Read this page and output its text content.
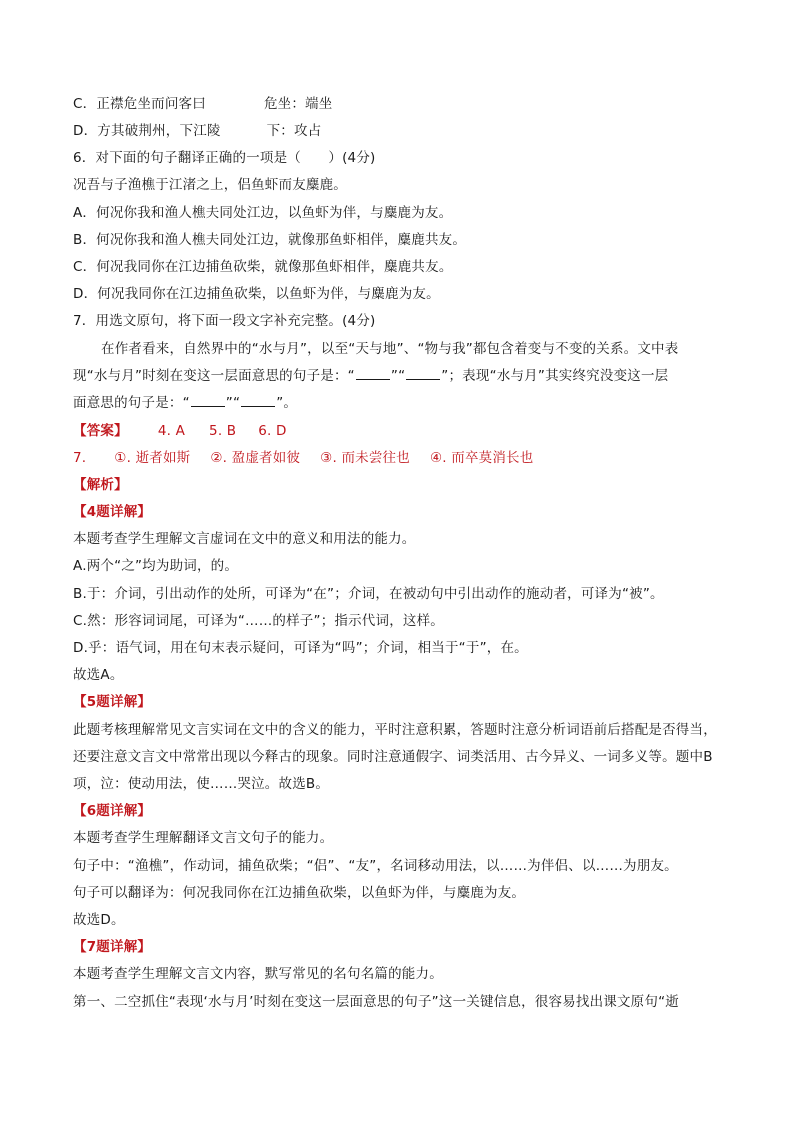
C．正襟危坐而问客曰	危坐：端坐
D．方其破荆州，下江陵	下：攻占
6．对下面的句子翻译正确的一项是（　　）(4分)
况吾与子渔樵于江渚之上，侣鱼虾而友麋鹿。
A．何况你我和渔人樵夫同处江边，以鱼虾为伴，与麋鹿为友。
B．何况你我和渔人樵夫同处江边，就像那鱼虾相伴，麋鹿共友。
C．何况我同你在江边捕鱼砍柴，就像那鱼虾相伴，麋鹿共友。
D．何况我同你在江边捕鱼砍柴，以鱼虾为伴，与麋鹿为友。
7．用选文原句，将下面一段文字补充完整。(4分)
在作者看来，自然界中的“水与月”，以至“天与地”、“物与我”都包含着变与不变的关系。文中表
现“水与月”时刻在变这一层面意思的句子是：“	”“	”；表现“水与月”其实终究没变这一层
面意思的句子是：“	”“	”。
【答案】 4. A 5. B 6. D
7. ①. 逝者如斯 ②. 盈虚者如彼 ③. 而未尝往也 ④. 而卒莫消长也
【解析】
【4题详解】
本题考查学生理解文言虚词在文中的意义和用法的能力。
A.两个“之”均为助词，的。
B.于：介词，引出动作的处所，可译为“在”；介词，在被动句中引出动作的施动者，可译为“被”。
C.然：形容词词尾，可译为“……的样子”；指示代词，这样。
D.乎：语气词，用在句末表示疑问，可译为“吗”；介词，相当于“于”，在。
故选A。
【5题详解】
此题考核理解常见文言实词在文中的含义的能力，平时注意积累，答题时注意分析词语前后搭配是否得当，
还要注意文言文中常常出现以今释古的现象。同时注意通假字、词类活用、古今异义、一词多义等。题中B
项，泣：使动用法，使……哭泣。故选B。
【6题详解】
本题考查学生理解翻译文言文句子的能力。
句子中：“渔樵”，作动词，捕鱼砍柴；“侣”、“友”，名词移动用法，以……为伴侣、以……为朋友。
句子可以翻译为：何况我同你在江边捕鱼砍柴，以鱼虾为伴，与麋鹿为友。
故选D。
【7题详解】
本题考查学生理解文言文内容，默写常见的名句名篇的能力。
第一、二空抓住“表现‘水与月’时刻在变这一层面意思的句子”这一关键信息，很容易找出课文原句“逝
